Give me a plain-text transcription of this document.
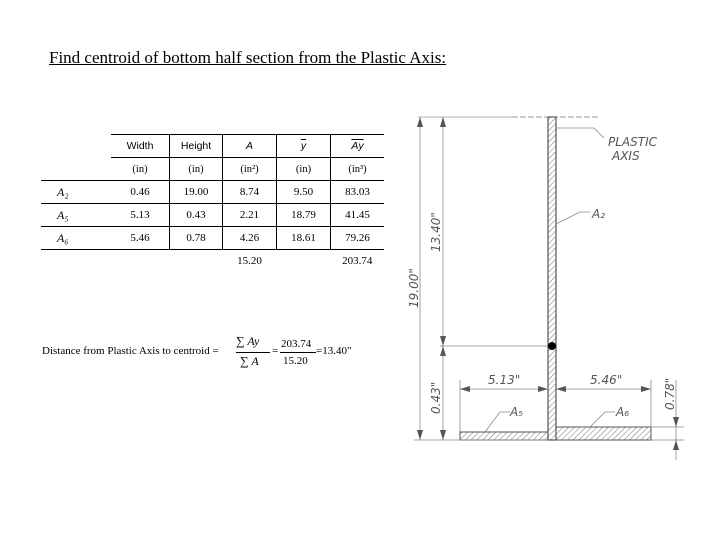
Find centroid of bottom half section from the Plastic Axis:
	Width	Height	A	$\overline{y}$	$\overline{Ay}$
	(in)	(in)	(in²)	(in)	(in³)
A₂	0.46	19.00	8.74	9.50	83.03
A₅	5.13	0.43	2.21	18.79	41.45
A₆	5.46	0.78	4.26	18.61	79.26
			15.20		203.74
Distance from Plastic Axis to centroid =
∑ Ay
∑ A
=
203.74
15.20
=13.40"
PLASTIC
AXIS
A₂
A₅	A₆
5.13"	5.46"
13.40"
19.00"
0.43"	0.78"
